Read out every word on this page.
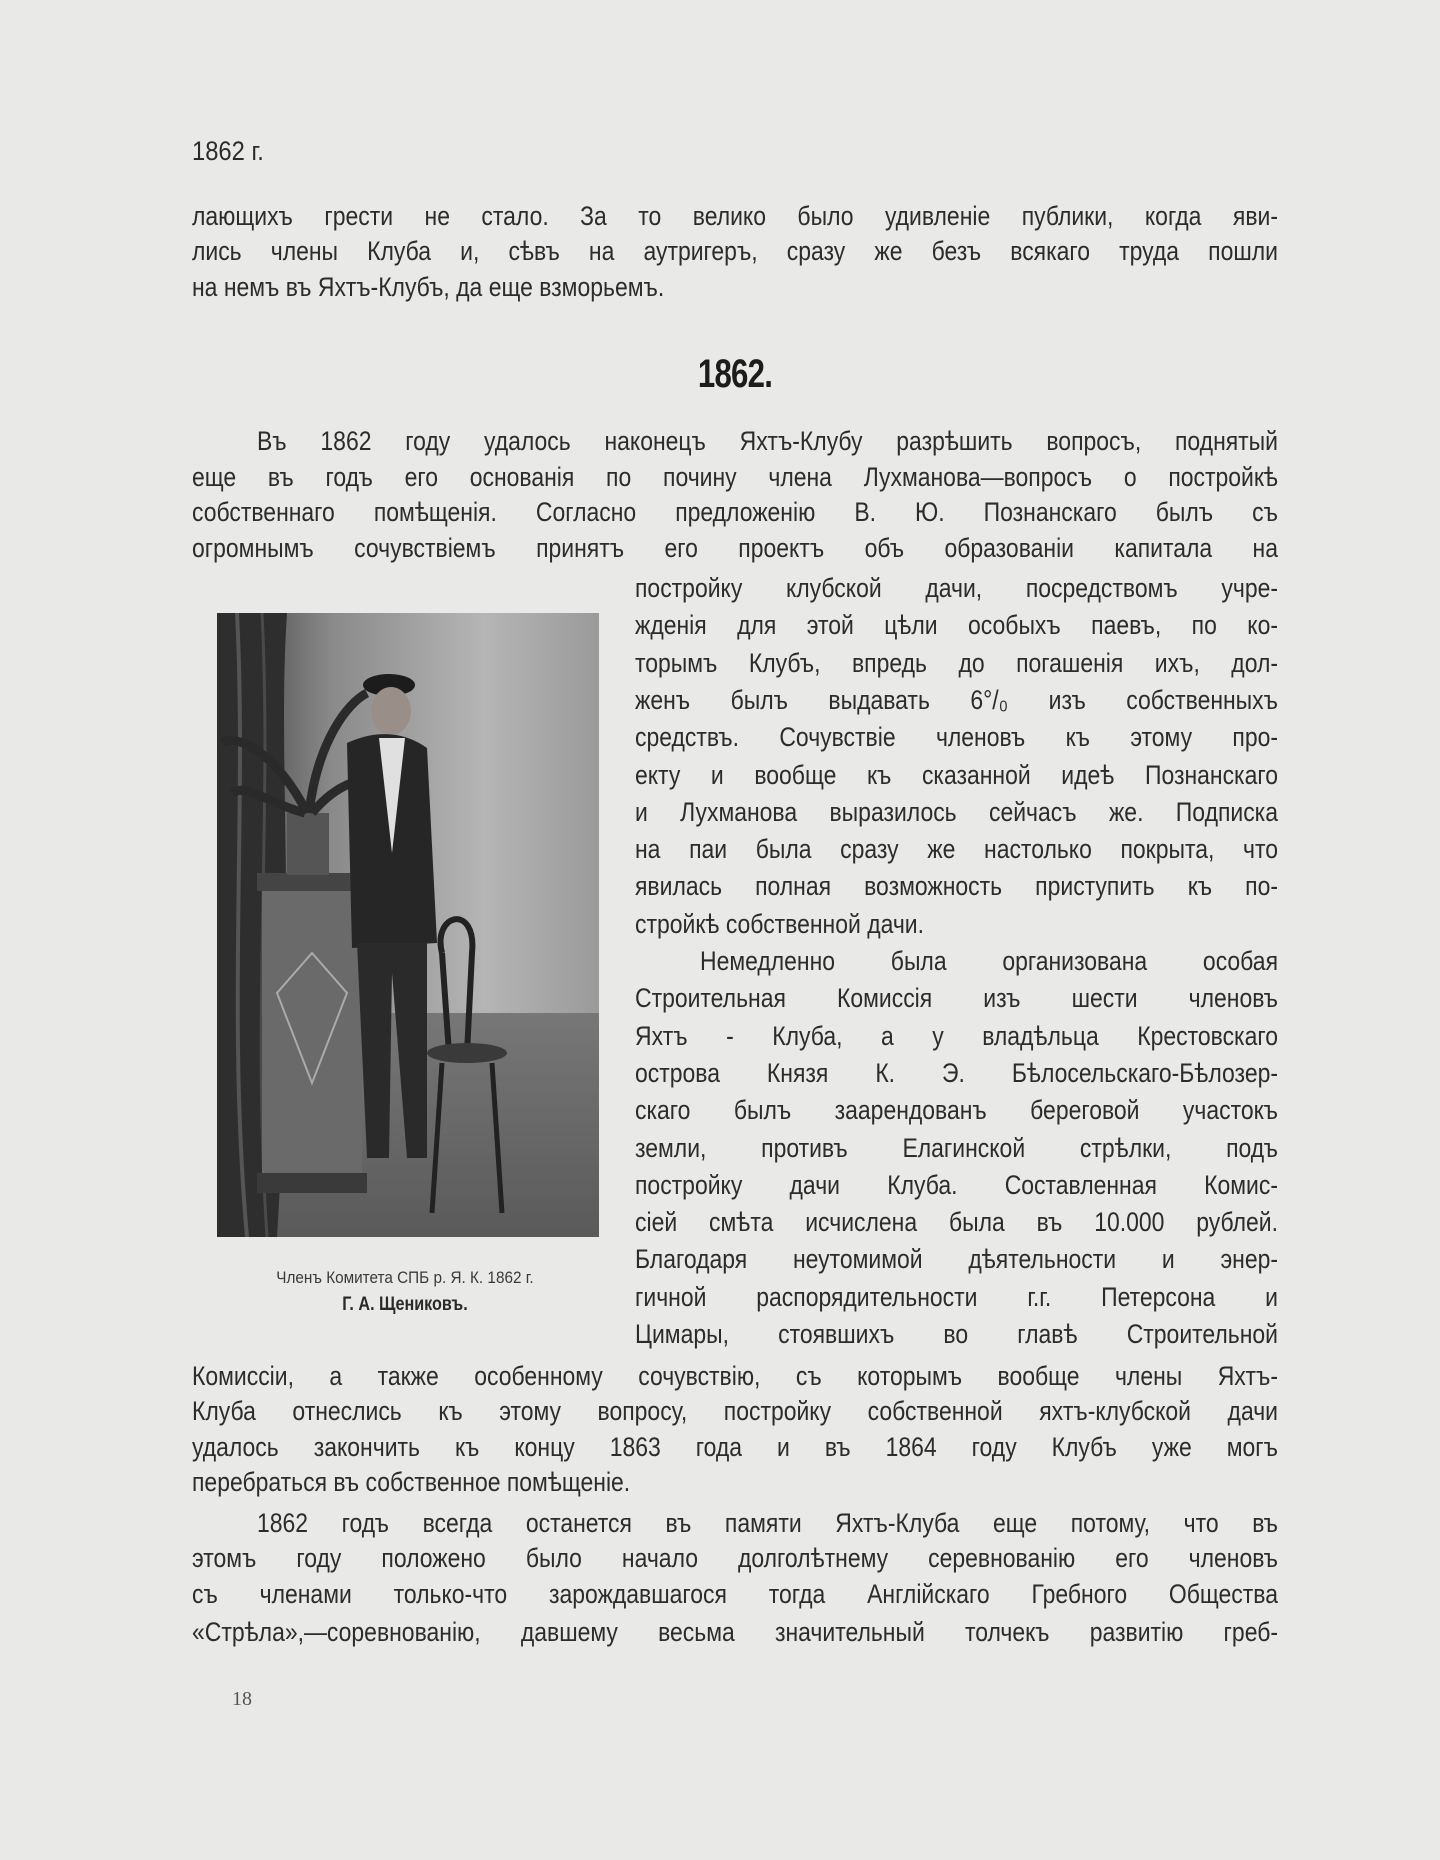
1862 г.
1862.
лающихъ грести не стало. За то велико было удивленіе публики, когда яви-
лись члены Клуба и, сѣвъ на аутригеръ, сразу же безъ всякаго труда пошли
на немъ въ Яхтъ-Клубъ, да еще взморьемъ.
Въ 1862 году удалось наконецъ Яхтъ-Клубу разрѣшить вопросъ, поднятый
еще въ годъ его основанія по почину члена Лухманова—вопросъ о постройкѣ
собственнаго помѣщенія. Согласно предложенію В. Ю. Познанскаго былъ съ
огромнымъ сочувствіемъ принятъ его проектъ объ образованіи капитала на
постройку клубской дачи, посредствомъ учре-
жденія для этой цѣли особыхъ паевъ, по ко-
торымъ Клубъ, впредь до погашенія ихъ, дол-
женъ былъ выдавать 6°/₀ изъ собственныхъ
средствъ. Сочувствіе членовъ къ этому про-
екту и вообще къ сказанной идеѣ Познанскаго
и Лухманова выразилось сейчасъ же. Подписка
на паи была сразу же настолько покрыта, что
явилась полная возможность приступить къ по-
стройкѣ собственной дачи.
Немедленно была организована особая
Строительная Комиссія изъ шести членовъ
Яхтъ - Клуба, а у владѣльца Крестовскаго
острова Князя К. Э. Бѣлосельскаго-Бѣлозер-
скаго былъ заарендованъ береговой участокъ
земли, противъ Елагинской стрѣлки, подъ
постройку дачи Клуба. Составленная Комис-
сіей смѣта исчислена была въ 10.000 рублей.
Благодаря неутомимой дѣятельности и энер-
гичной распорядительности г.г. Петерсона и
Цимары, стоявшихъ во главѣ Строительной
Комиссіи, а также особенному сочувствію, съ которымъ вообще члены Яхтъ-
Клуба отнеслись къ этому вопросу, постройку собственной яхтъ-клубской дачи
удалось закончить къ концу 1863 года и въ 1864 году Клубъ уже могъ
перебраться въ собственное помѣщеніе.
1862 годъ всегда останется въ памяти Яхтъ-Клуба еще потому, что въ
этомъ году положено было начало долголѣтнему серевнованію его членовъ
съ членами только-что зарождавшагося тогда Англійскаго Гребного Общества
«Стрѣла»,—соревнованію, давшему весьма значительный толчекъ развитію греб-
Членъ Комитета СПБ р. Я. К. 1862 г.
Г. А. Щениковъ.
18
